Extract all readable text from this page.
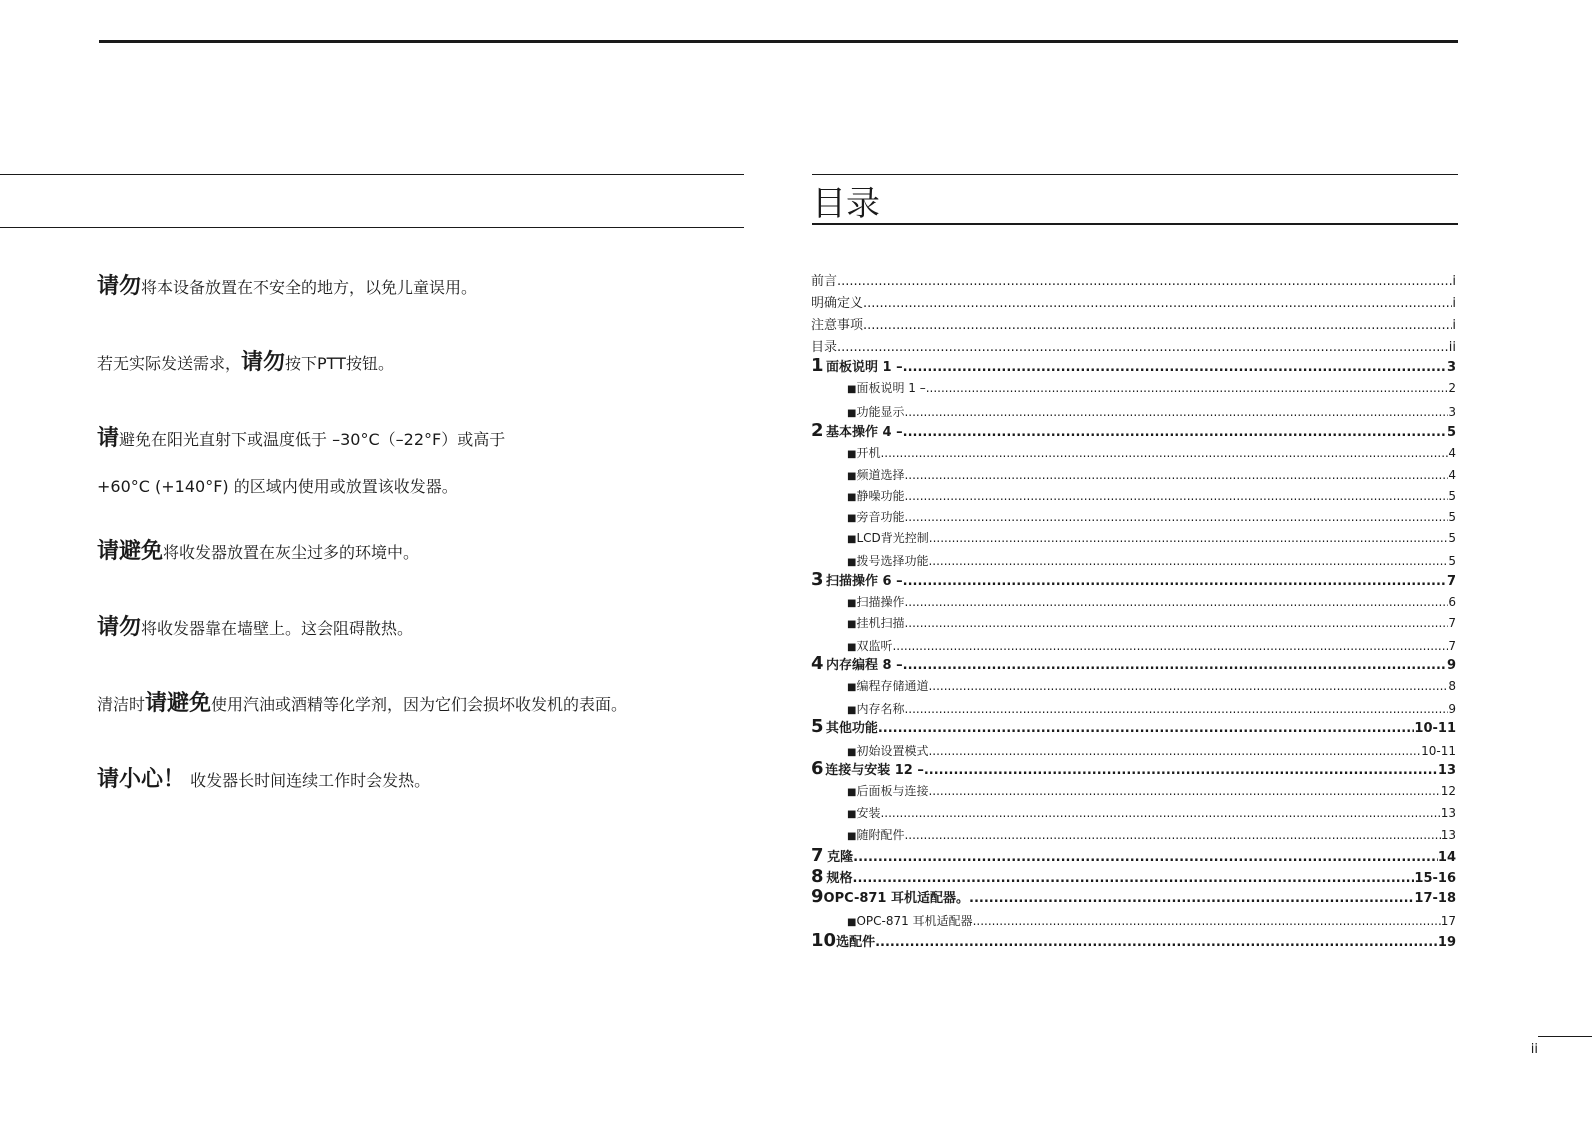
请勿将本设备放置在不安全的地方，以免儿童误用。
若无实际发送需求，请勿按下PTT按钮。
请避免在阳光直射下或温度低于 –30°C（–22°F）或高于
+60°C (+140°F) 的区域内使用或放置该收发器。
请避免将收发器放置在灰尘过多的环境中。
请勿将收发器靠在墙壁上。这会阻碍散热。
清洁时请避免使用汽油或酒精等化学剂，因为它们会损坏收发机的表面。
请小心！ 收发器长时间连续工作时会发热。
目录
前言 .....	i
明确定义 .....	i
注意事项 .....	i
目录 .....	ii
1 面板说明 1 – .....	3
■ 面板说明 1 – .....	2
■ 功能显示 .....	3
2 基本操作 4 – .....	5
■ 开机 .....	4
■ 频道选择 .....	4
■ 静噪功能 .....	5
■ 旁音功能 .....	5
■ LCD背光控制 .....	5
■ 拨号选择功能 .....	5
3 扫描操作 6 – .....	7
■ 扫描操作 .....	6
■ 挂机扫描 .....	7
■ 双监听 .....	7
4 内存编程 8 – .....	9
■ 编程存储通道 .....	8
■ 内存名称 .....	9
5 其他功能 .....	10-11
■ 初始设置模式 .....	10-11
6 连接与安装 12 – .....	13
■ 后面板与连接 .....	12
■ 安装 .....	13
■ 随附配件 .....	13
7 克隆 .....	14
8 规格 .....	15-16
9 OPC-871 耳机适配器。 .....	17-18
■ OPC-871 耳机适配器 .....	17
10 选配件 .....	19
ii
